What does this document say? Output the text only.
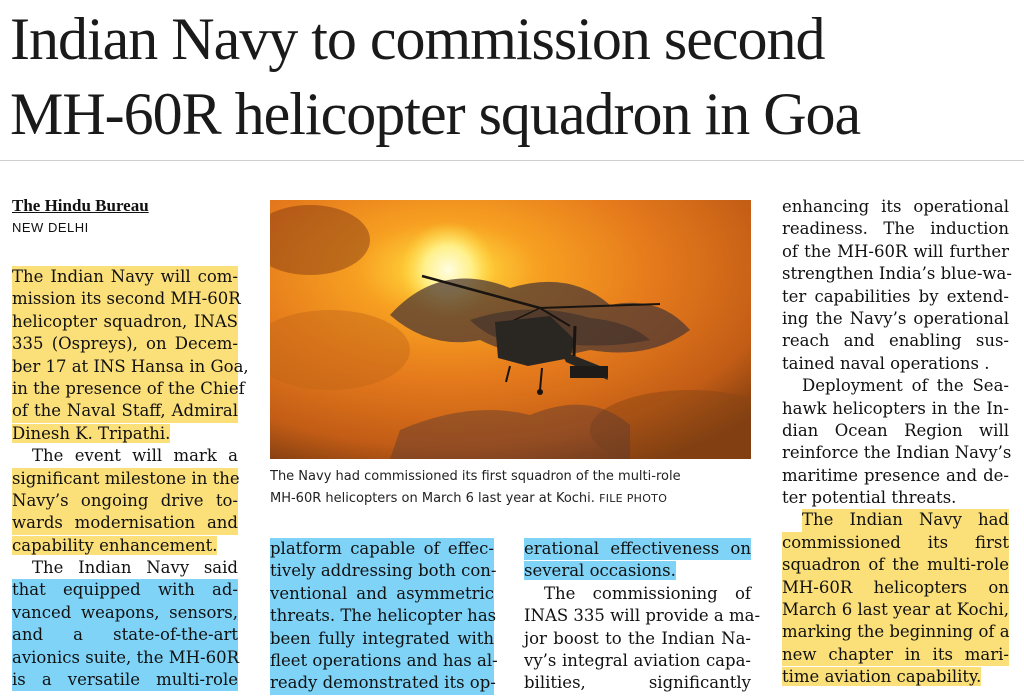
Indian Navy to commission second
MH-60R helicopter squadron in Goa
The Hindu Bureau
NEW DELHI
The Indian Navy will com-
mission its second MH-60R
helicopter squadron, INAS
335 (Ospreys), on Decem-
ber 17 at INS Hansa in Goa,
in the presence of the Chief
of the Naval Staff, Admiral
Dinesh K. Tripathi.
The event will mark a
significant milestone in the
Navy’s ongoing drive to-
wards modernisation and
capability enhancement.
The Indian Navy said
that equipped with ad-
vanced weapons, sensors,
and a state-of-the-art
avionics suite, the MH-60R
is a versatile multi-role
The Navy had commissioned its first squadron of the multi-role
MH-60R helicopters on March 6 last year at Kochi. FILE PHOTO
platform capable of effec-
tively addressing both con-
ventional and asymmetric
threats. The helicopter has
been fully integrated with
fleet operations and has al-
ready demonstrated its op-
erational effectiveness on
several occasions.
The commissioning of
INAS 335 will provide a ma-
jor boost to the Indian Na-
vy’s integral aviation capa-
bilities, significantly
enhancing its operational
readiness. The induction
of the MH-60R will further
strengthen India’s blue-wa-
ter capabilities by extend-
ing the Navy’s operational
reach and enabling sus-
tained naval operations .
Deployment of the Sea-
hawk helicopters in the In-
dian Ocean Region will
reinforce the Indian Navy’s
maritime presence and de-
ter potential threats.
The Indian Navy had
commissioned its first
squadron of the multi-role
MH-60R helicopters on
March 6 last year at Kochi,
marking the beginning of a
new chapter in its mari-
time aviation capability.
